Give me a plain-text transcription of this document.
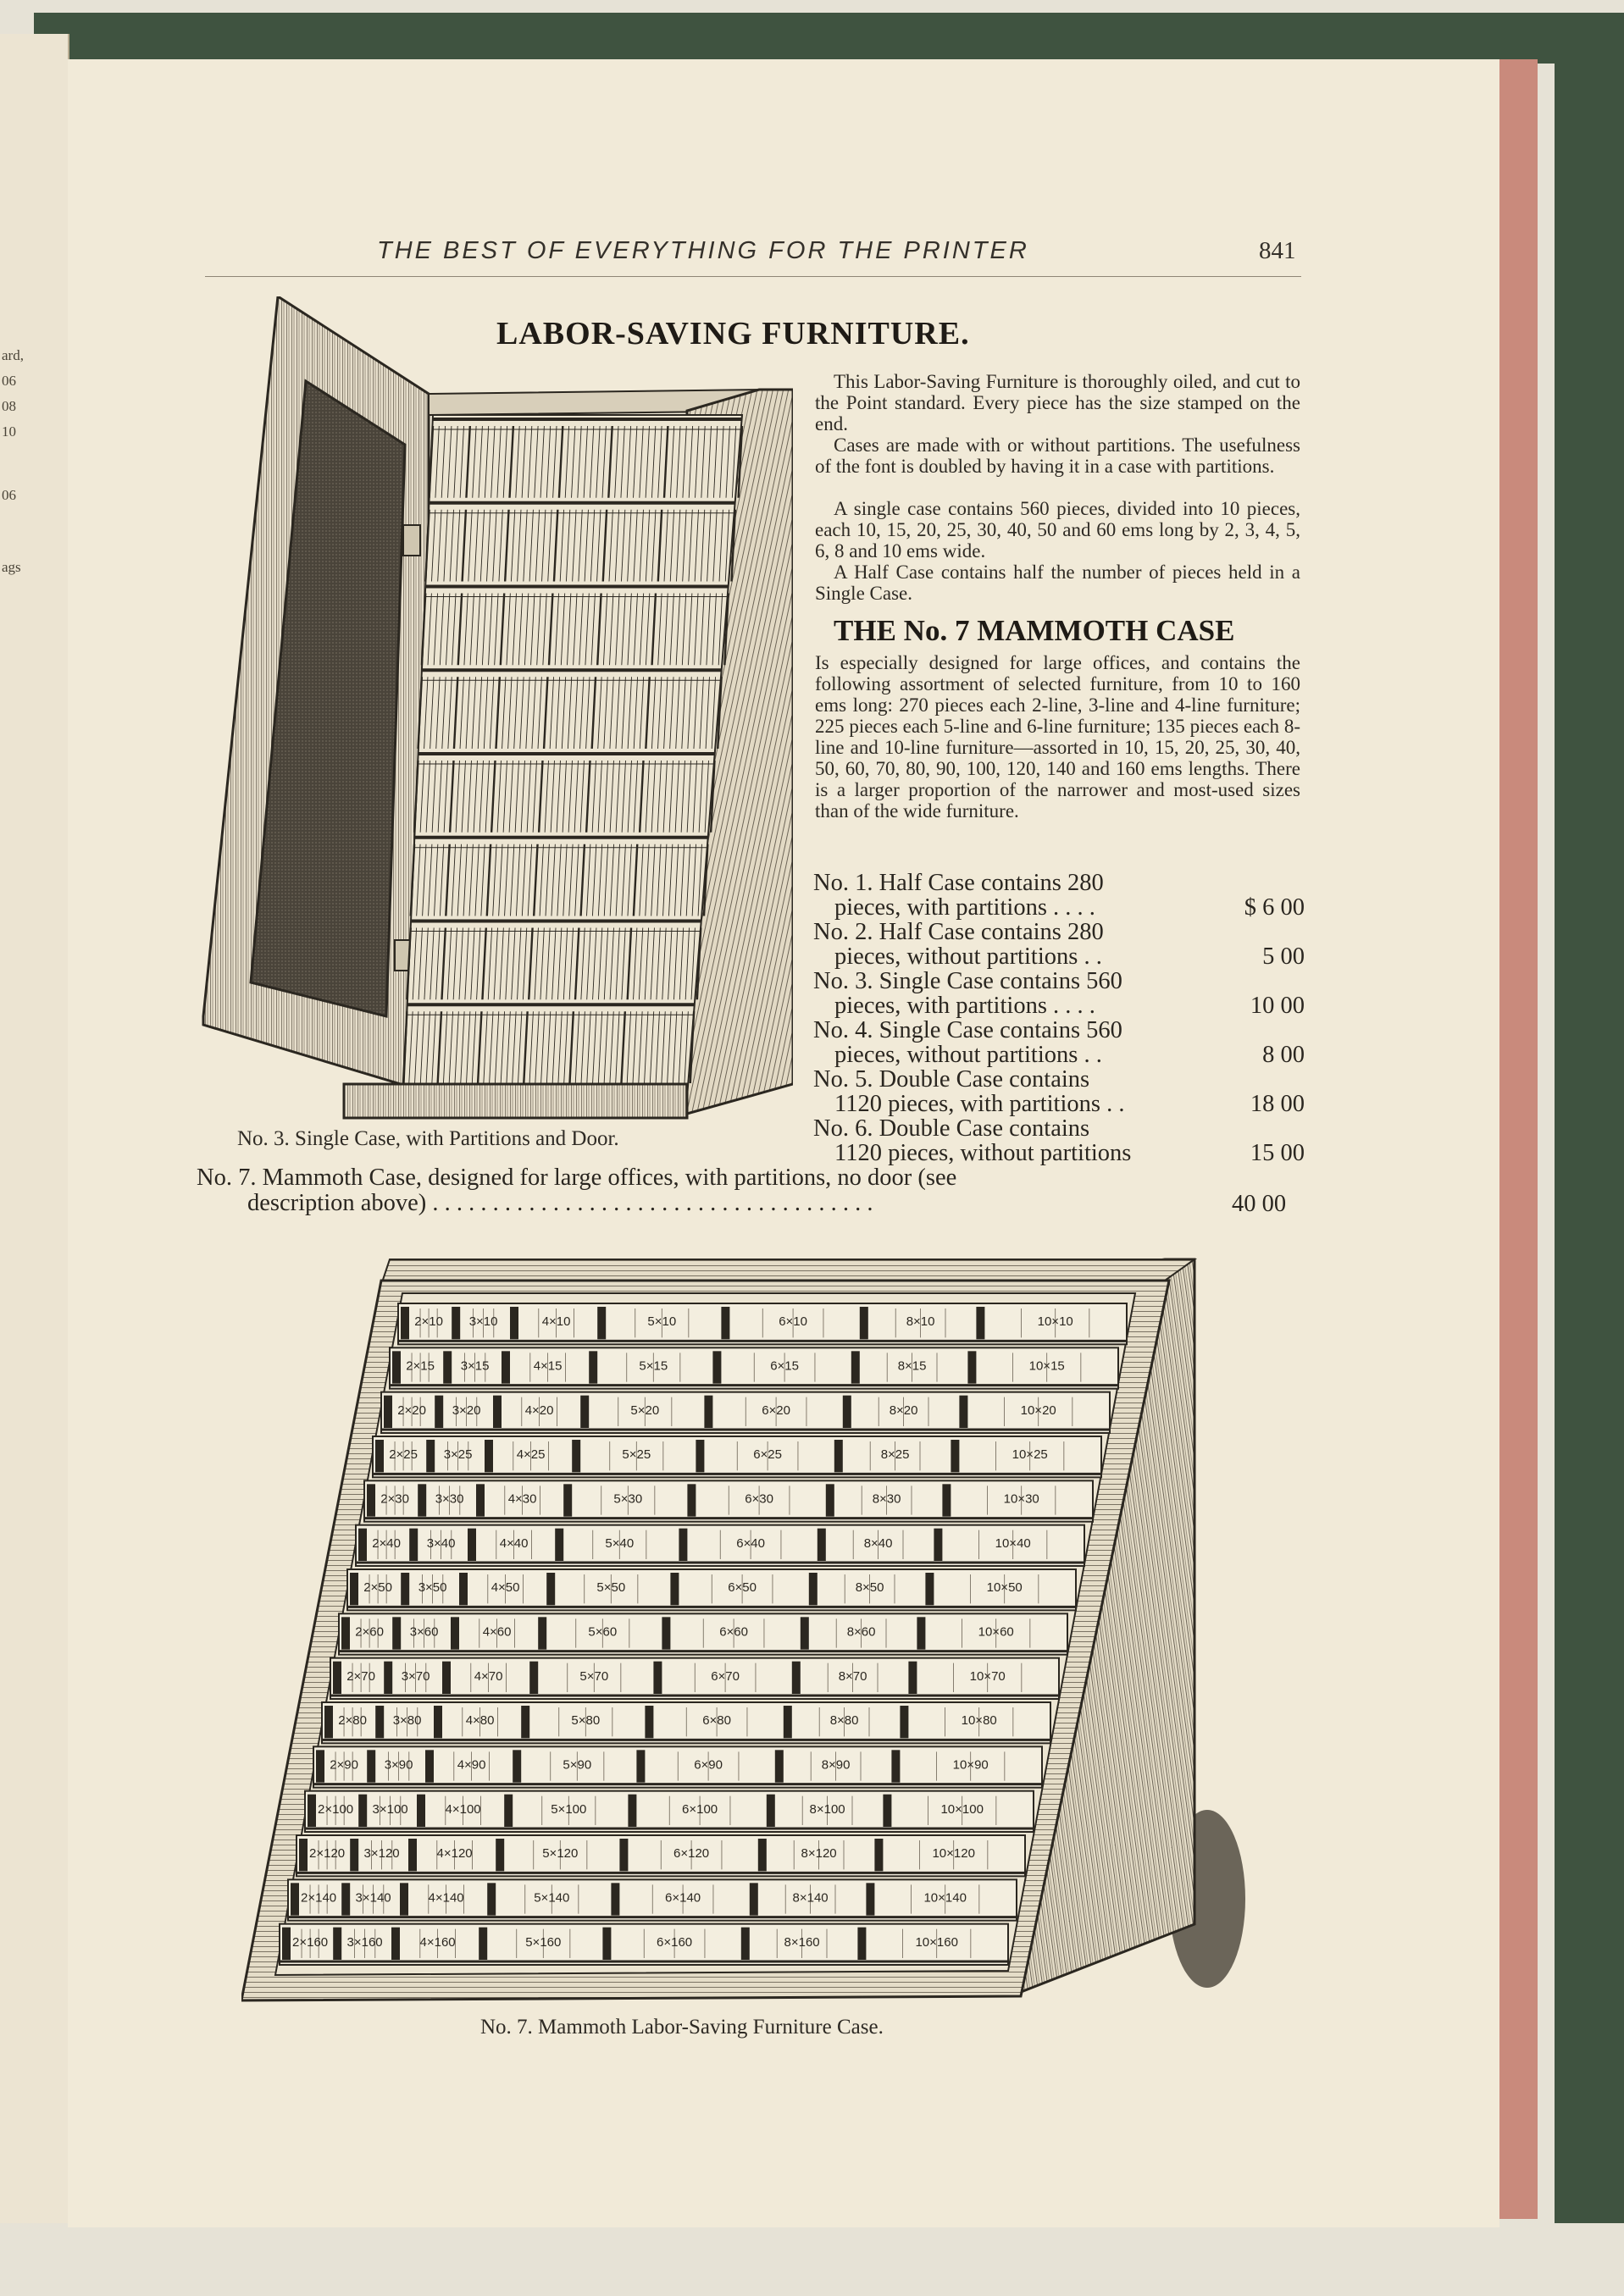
ard,
06
08
10
06
ags
THE BEST OF EVERYTHING FOR THE PRINTER	841
LABOR-SAVING FURNITURE.

This Labor-Saving Furniture is thoroughly oiled, and cut to the Point standard. Every piece has the size stamped on the end.

Cases are made with or without partitions. The usefulness of the font is doubled by having it in a case with partitions.

A single case contains 560 pieces, divided into 10 pieces, each 10, 15, 20, 25, 30, 40, 50 and 60 ems long by 2, 3, 4, 5, 6, 8 and 10 ems wide.

A Half Case contains half the number of pieces held in a Single Case.

THE No. 7 MAMMOTH CASE

Is especially designed for large offices, and contains the following assortment of selected furniture, from 10 to 160 ems long: 270 pieces each 2-line, 3-line and 4-line furniture; 225 pieces each 5-line and 6-line furniture; 135 pieces each 8-line and 10-line furniture—assorted in 10, 15, 20, 25, 30, 40, 50, 60, 70, 80, 90, 100, 120, 140 and 160 ems lengths. There is a larger proportion of the narrower and most-used sizes than of the wide furniture.

No. 1. Half Case contains 280
pieces, with partitions . . . .	$ 6 00
No. 2. Half Case contains 280
pieces, without partitions . .	5 00
No. 3. Single Case contains 560
pieces, with partitions . . . .	10 00
No. 4. Single Case contains 560
pieces, without partitions . .	8 00
No. 5. Double Case contains
1120 pieces, with partitions . .	18 00
No. 6. Double Case contains
1120 pieces, without partitions	15 00
No. 3. Single Case, with Partitions and Door.
No. 7. Mammoth Case, designed for large offices, with partitions, no door (see
description above) . . . . . . . . . . . . . . . . . . . . . . . . . . . . . . . . . . . . .	40 00
2×10 3×10	4×10	5×10	6×10	8×10	10×10
2×15 3×15	4×15	5×15	6×15	8×15	10×15
2×20 3×20	4×20	5×20	6×20	8×20	10×20
2×25 3×25	4×25	5×25	6×25	8×25	10×25
2×30 3×30	4×30	5×30	6×30	8×30	10×30
2×40 3×40	4×40	5×40	6×40	8×40	10×40
2×50 3×50	4×50	5×50	6×50	8×50	10×50
2×60 3×60	4×60	5×60	6×60	8×60	10×60
2×70 3×70	4×70	5×70	6×70	8×70	10×70
2×80 3×80	4×80	5×80	6×80	8×80	10×80
2×90 3×90	4×90	5×90	6×90	8×90	10×90
2×100 3×100	4×100	5×100	6×100	8×100	10×100
2×120 3×120	4×120	5×120	6×120	8×120	10×120
2×140 3×140	4×140	5×140	6×140	8×140	10×140
2×160 3×160	4×160	5×160	6×160	8×160	10×160
No. 7. Mammoth Labor-Saving Furniture Case.
